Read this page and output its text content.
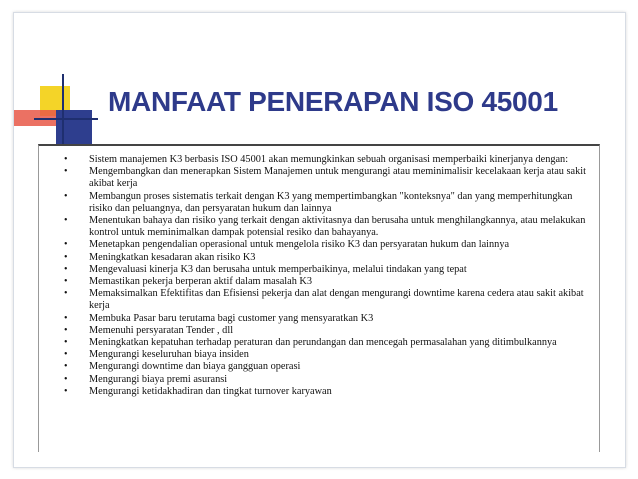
MANFAAT PENERAPAN ISO 45001
• Sistem manajemen K3 berbasis ISO 45001 akan memungkinkan sebuah organisasi memperbaiki kinerjanya dengan:
• Mengembangkan dan menerapkan Sistem Manajemen untuk mengurangi atau meminimalisir kecelakaan kerja atau sakit akibat kerja
• Membangun proses sistematis terkait dengan K3 yang mempertimbangkan "konteksnya" dan yang memperhitungkan risiko dan peluangnya, dan persyaratan hukum dan lainnya
• Menentukan bahaya dan risiko yang terkait dengan aktivitasnya dan berusaha untuk menghilangkannya, atau melakukan kontrol untuk meminimalkan dampak potensial resiko dan bahayanya.
• Menetapkan pengendalian operasional untuk mengelola risiko K3 dan persyaratan hukum dan lainnya
• Meningkatkan kesadaran akan risiko K3
• Mengevaluasi kinerja K3 dan berusaha untuk memperbaikinya, melalui tindakan yang tepat
• Memastikan pekerja berperan aktif dalam masalah K3
• Memaksimalkan Efektifitas dan Efisiensi pekerja dan alat dengan mengurangi downtime karena cedera atau sakit akibat kerja
• Membuka Pasar baru terutama bagi customer yang mensyaratkan K3
• Memenuhi persyaratan Tender , dll
• Meningkatkan kepatuhan terhadap peraturan dan perundangan dan mencegah permasalahan yang ditimbulkannya
• Mengurangi keseluruhan biaya insiden
• Mengurangi downtime dan biaya gangguan operasi
• Mengurangi biaya premi asuransi
• Mengurangi ketidakhadiran dan tingkat turnover karyawan
